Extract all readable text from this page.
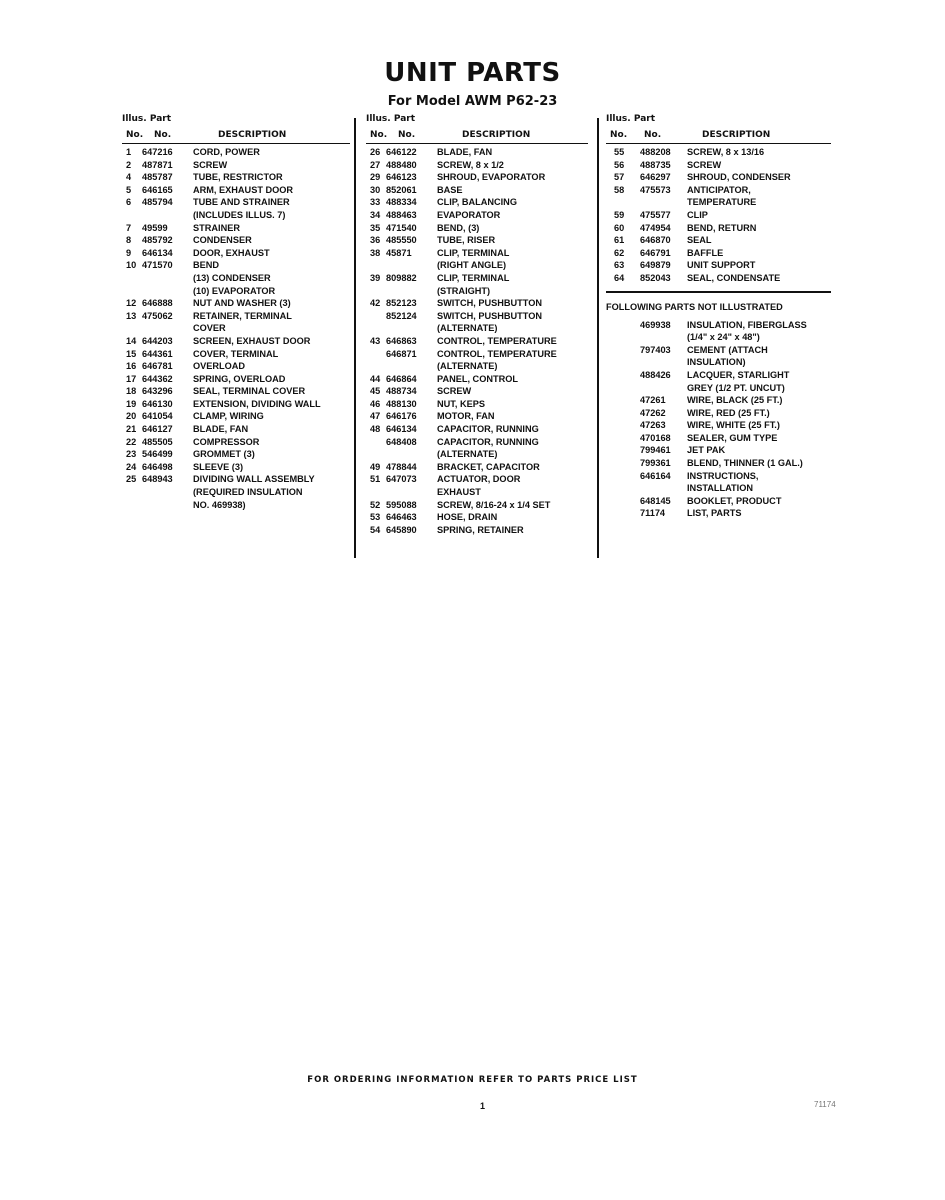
UNIT PARTS
For Model AWM P62-23
Illus. Part
No. No.	DESCRIPTION
1	647216	CORD, POWER
2	487871	SCREW
4	485787	TUBE, RESTRICTOR
5	646165	ARM, EXHAUST DOOR
6	485794	TUBE AND STRAINER
(INCLUDES ILLUS. 7)
7	49599	STRAINER
8	485792	CONDENSER
9	646134	DOOR, EXHAUST
10 471570	BEND
(13) CONDENSER
(10) EVAPORATOR
12 646888	NUT AND WASHER (3)
13 475062	RETAINER, TERMINAL
COVER
14 644203	SCREEN, EXHAUST DOOR
15 644361	COVER, TERMINAL
16 646781	OVERLOAD
17 644362	SPRING, OVERLOAD
18 643296	SEAL, TERMINAL COVER
19 646130	EXTENSION, DIVIDING WALL
20 641054	CLAMP, WIRING
21 646127	BLADE, FAN
22 485505	COMPRESSOR
23 546499	GROMMET (3)
24 646498	SLEEVE (3)
25 648943	DIVIDING WALL ASSEMBLY
(REQUIRED INSULATION
NO. 469938)
Illus. Part
No. No.	DESCRIPTION
26 646122	BLADE, FAN
27 488480	SCREW, 8 x 1/2
29 646123	SHROUD, EVAPORATOR
30 852061	BASE
33 488334	CLIP, BALANCING
34 488463	EVAPORATOR
35 471540	BEND, (3)
36 485550	TUBE, RISER
38 45871	CLIP, TERMINAL
(RIGHT ANGLE)
39 809882	CLIP, TERMINAL
(STRAIGHT)
42 852123	SWITCH, PUSHBUTTON
852124	SWITCH, PUSHBUTTON
(ALTERNATE)
43 646863	CONTROL, TEMPERATURE
646871	CONTROL, TEMPERATURE
(ALTERNATE)
44 646864	PANEL, CONTROL
45 488734	SCREW
46 488130	NUT, KEPS
47 646176	MOTOR, FAN
48 646134	CAPACITOR, RUNNING
648408	CAPACITOR, RUNNING
(ALTERNATE)
49 478844	BRACKET, CAPACITOR
51 647073	ACTUATOR, DOOR
EXHAUST
52 595088	SCREW, 8/16-24 x 1/4 SET
53 646463	HOSE, DRAIN
54 645890	SPRING, RETAINER
Illus. Part
No. No.	DESCRIPTION
55	488208	SCREW, 8 x 13/16
56	488735	SCREW
57	646297	SHROUD, CONDENSER
58	475573	ANTICIPATOR,
TEMPERATURE
59	475577	CLIP
60	474954	BEND, RETURN
61	646870	SEAL
62	646791	BAFFLE
63	649879	UNIT SUPPORT
64	852043	SEAL, CONDENSATE
FOLLOWING PARTS NOT ILLUSTRATED
469938	INSULATION, FIBERGLASS
(1/4" x 24" x 48")
797403	CEMENT (ATTACH
INSULATION)
488426	LACQUER, STARLIGHT
GREY (1/2 PT. UNCUT)
47261	WIRE, BLACK (25 FT.)
47262	WIRE, RED (25 FT.)
47263	WIRE, WHITE (25 FT.)
470168	SEALER, GUM TYPE
799461	JET PAK
799361	BLEND, THINNER (1 GAL.)
646164	INSTRUCTIONS,
INSTALLATION
648145	BOOKLET, PRODUCT
71174	LIST, PARTS
FOR ORDERING INFORMATION REFER TO PARTS PRICE LIST
1	71174
